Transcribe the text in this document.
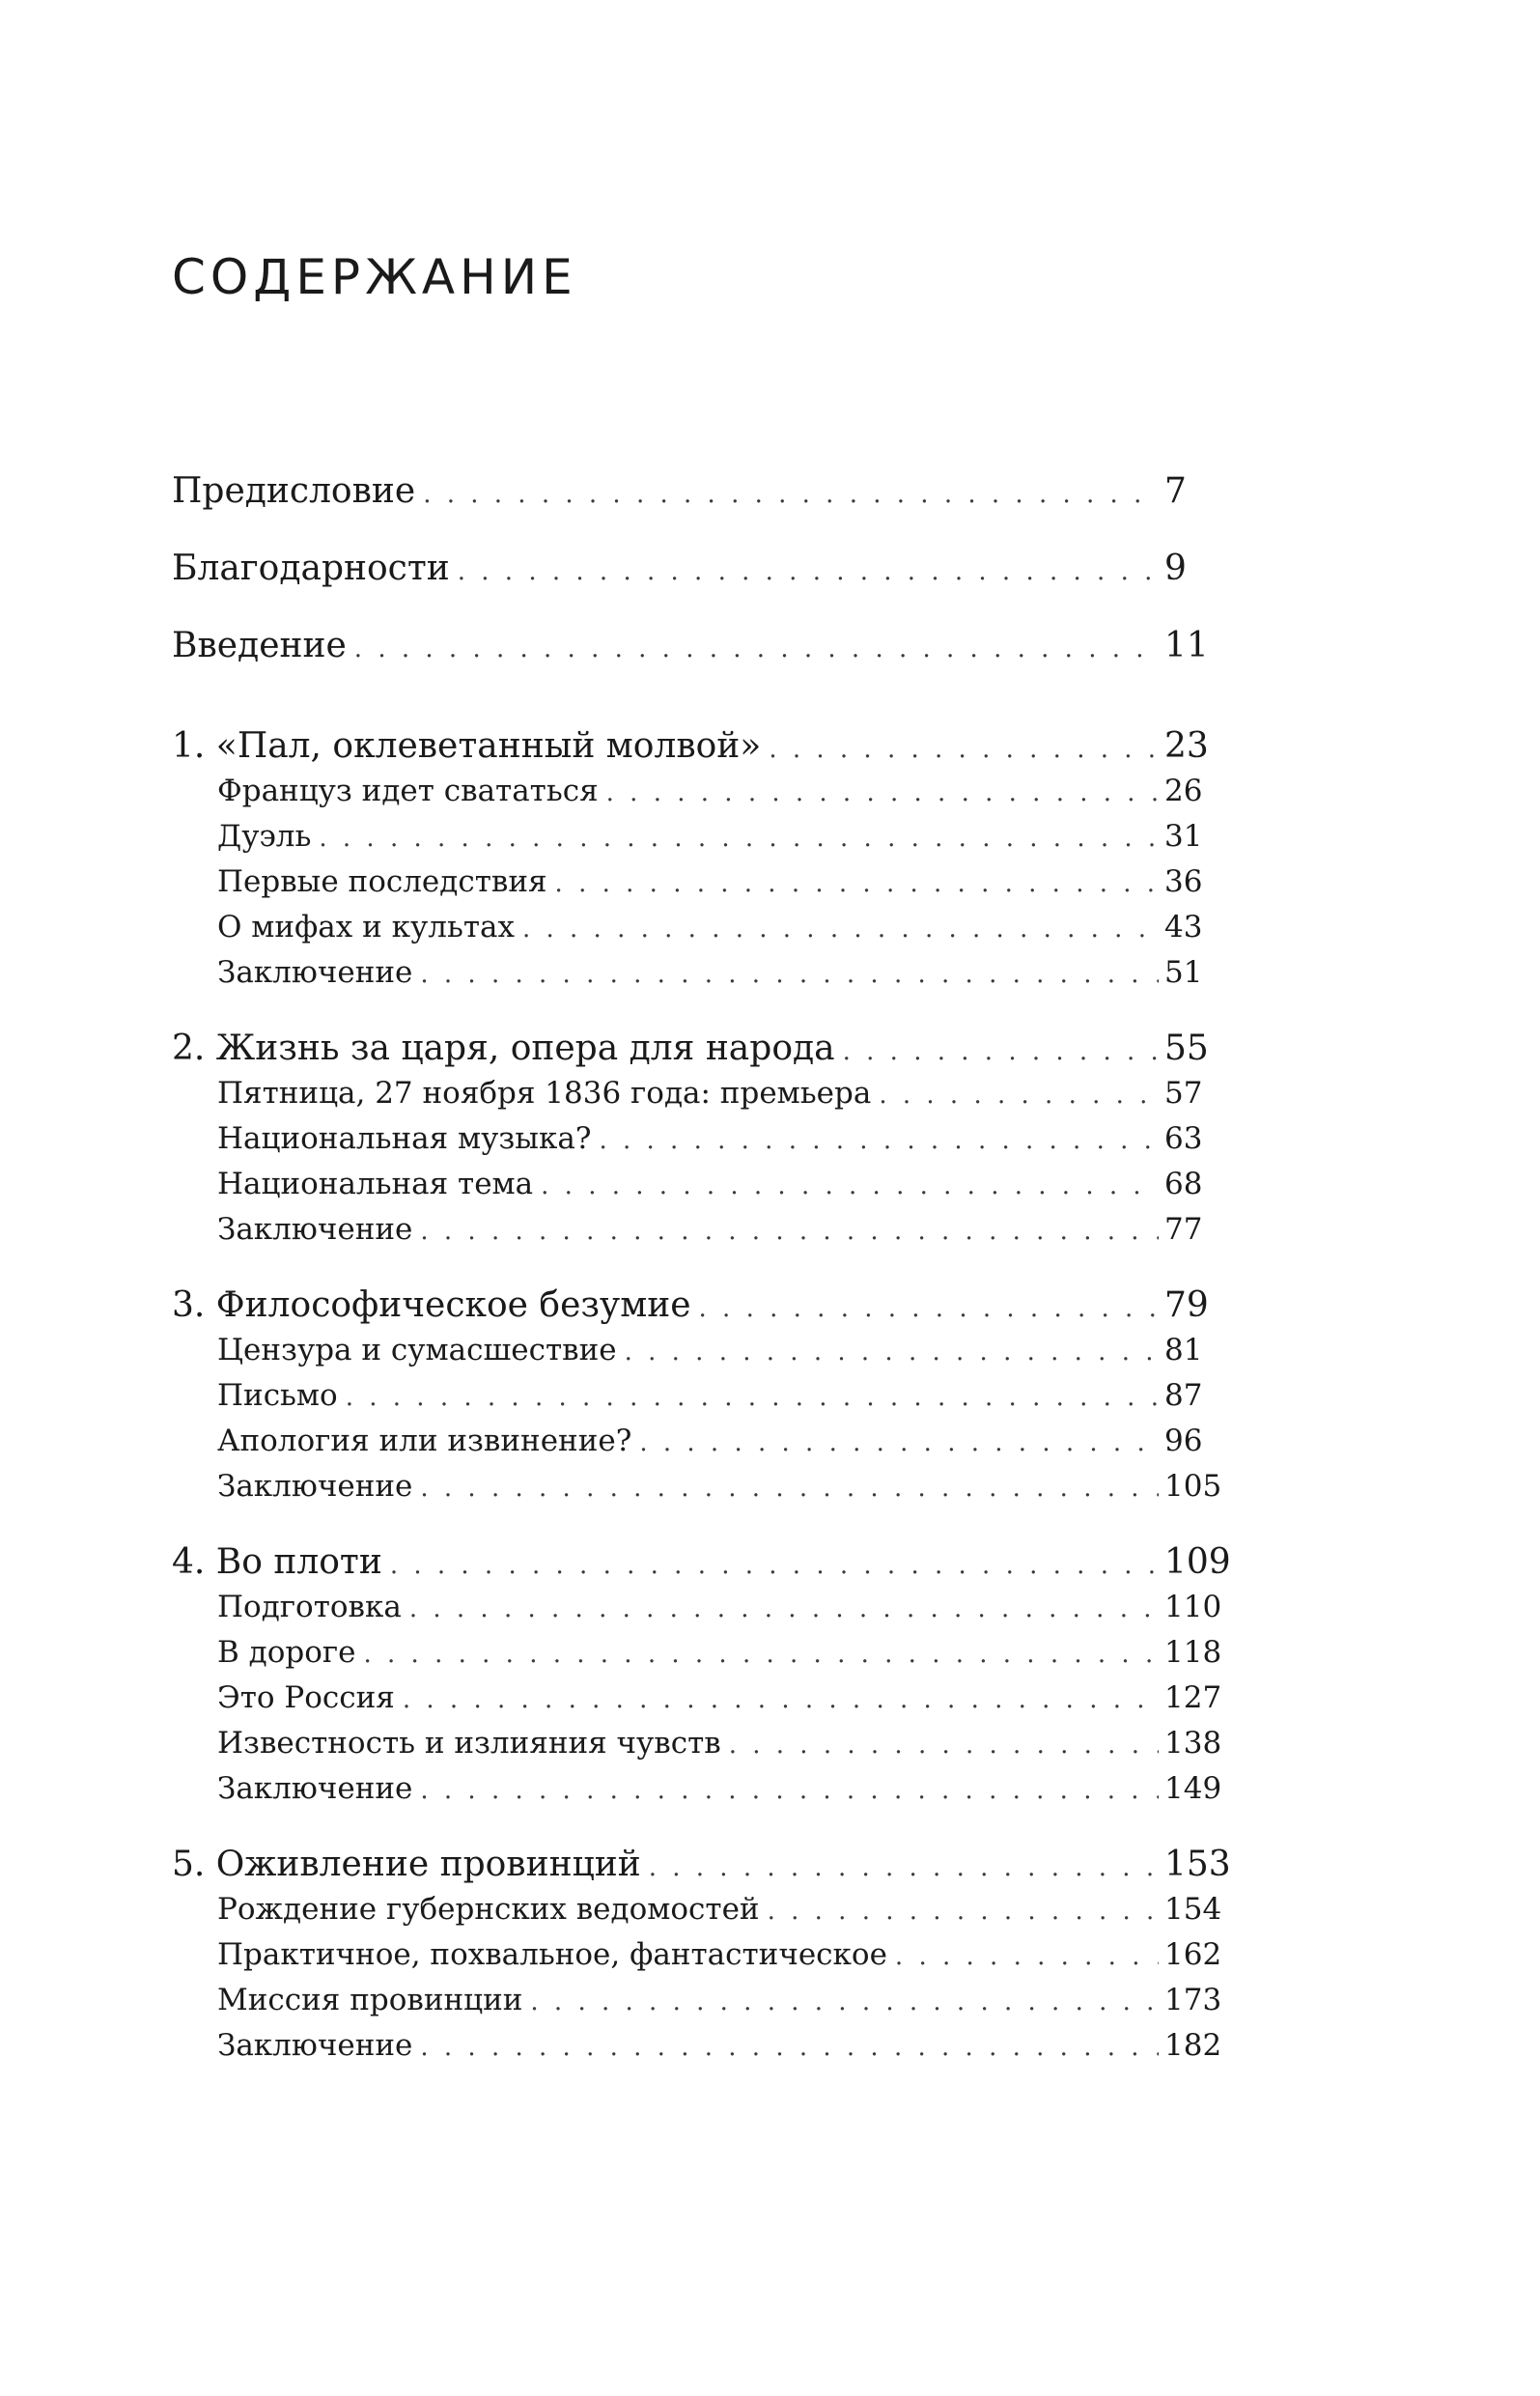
СОДЕРЖАНИЕ
Предисловие . . .	7
Благодарности . . .	9
Введение . . .	11
1. «Пал, оклеветанный молвой» . . .	23
Француз идет свататься . . .	26
Дуэль . . .	31
Первые последствия . . .	36
О мифах и культах . . .	43
Заключение . . .	51
2. Жизнь за царя, опера для народа . . .	55
Пятница, 27 ноября 1836 года: премьера . . .	57
Национальная музыка? . . .	63
Национальная тема . . .	68
Заключение . . .	77
3. Философическое безумие . . .	79
Цензура и сумасшествие . . .	81
Письмо . . .	87
Апология или извинение? . . .	96
Заключение . . .	105
4. Во плоти . . .	109
Подготовка . . .	110
В дороге . . .	118
Это Россия . . .	127
Известность и излияния чувств . . .	138
Заключение . . .	149
5. Оживление провинций . . .	153
Рождение губернских ведомостей . . .	154
Практичное, похвальное, фантастическое . . .	162
Миссия провинции . . .	173
Заключение . . .	182
